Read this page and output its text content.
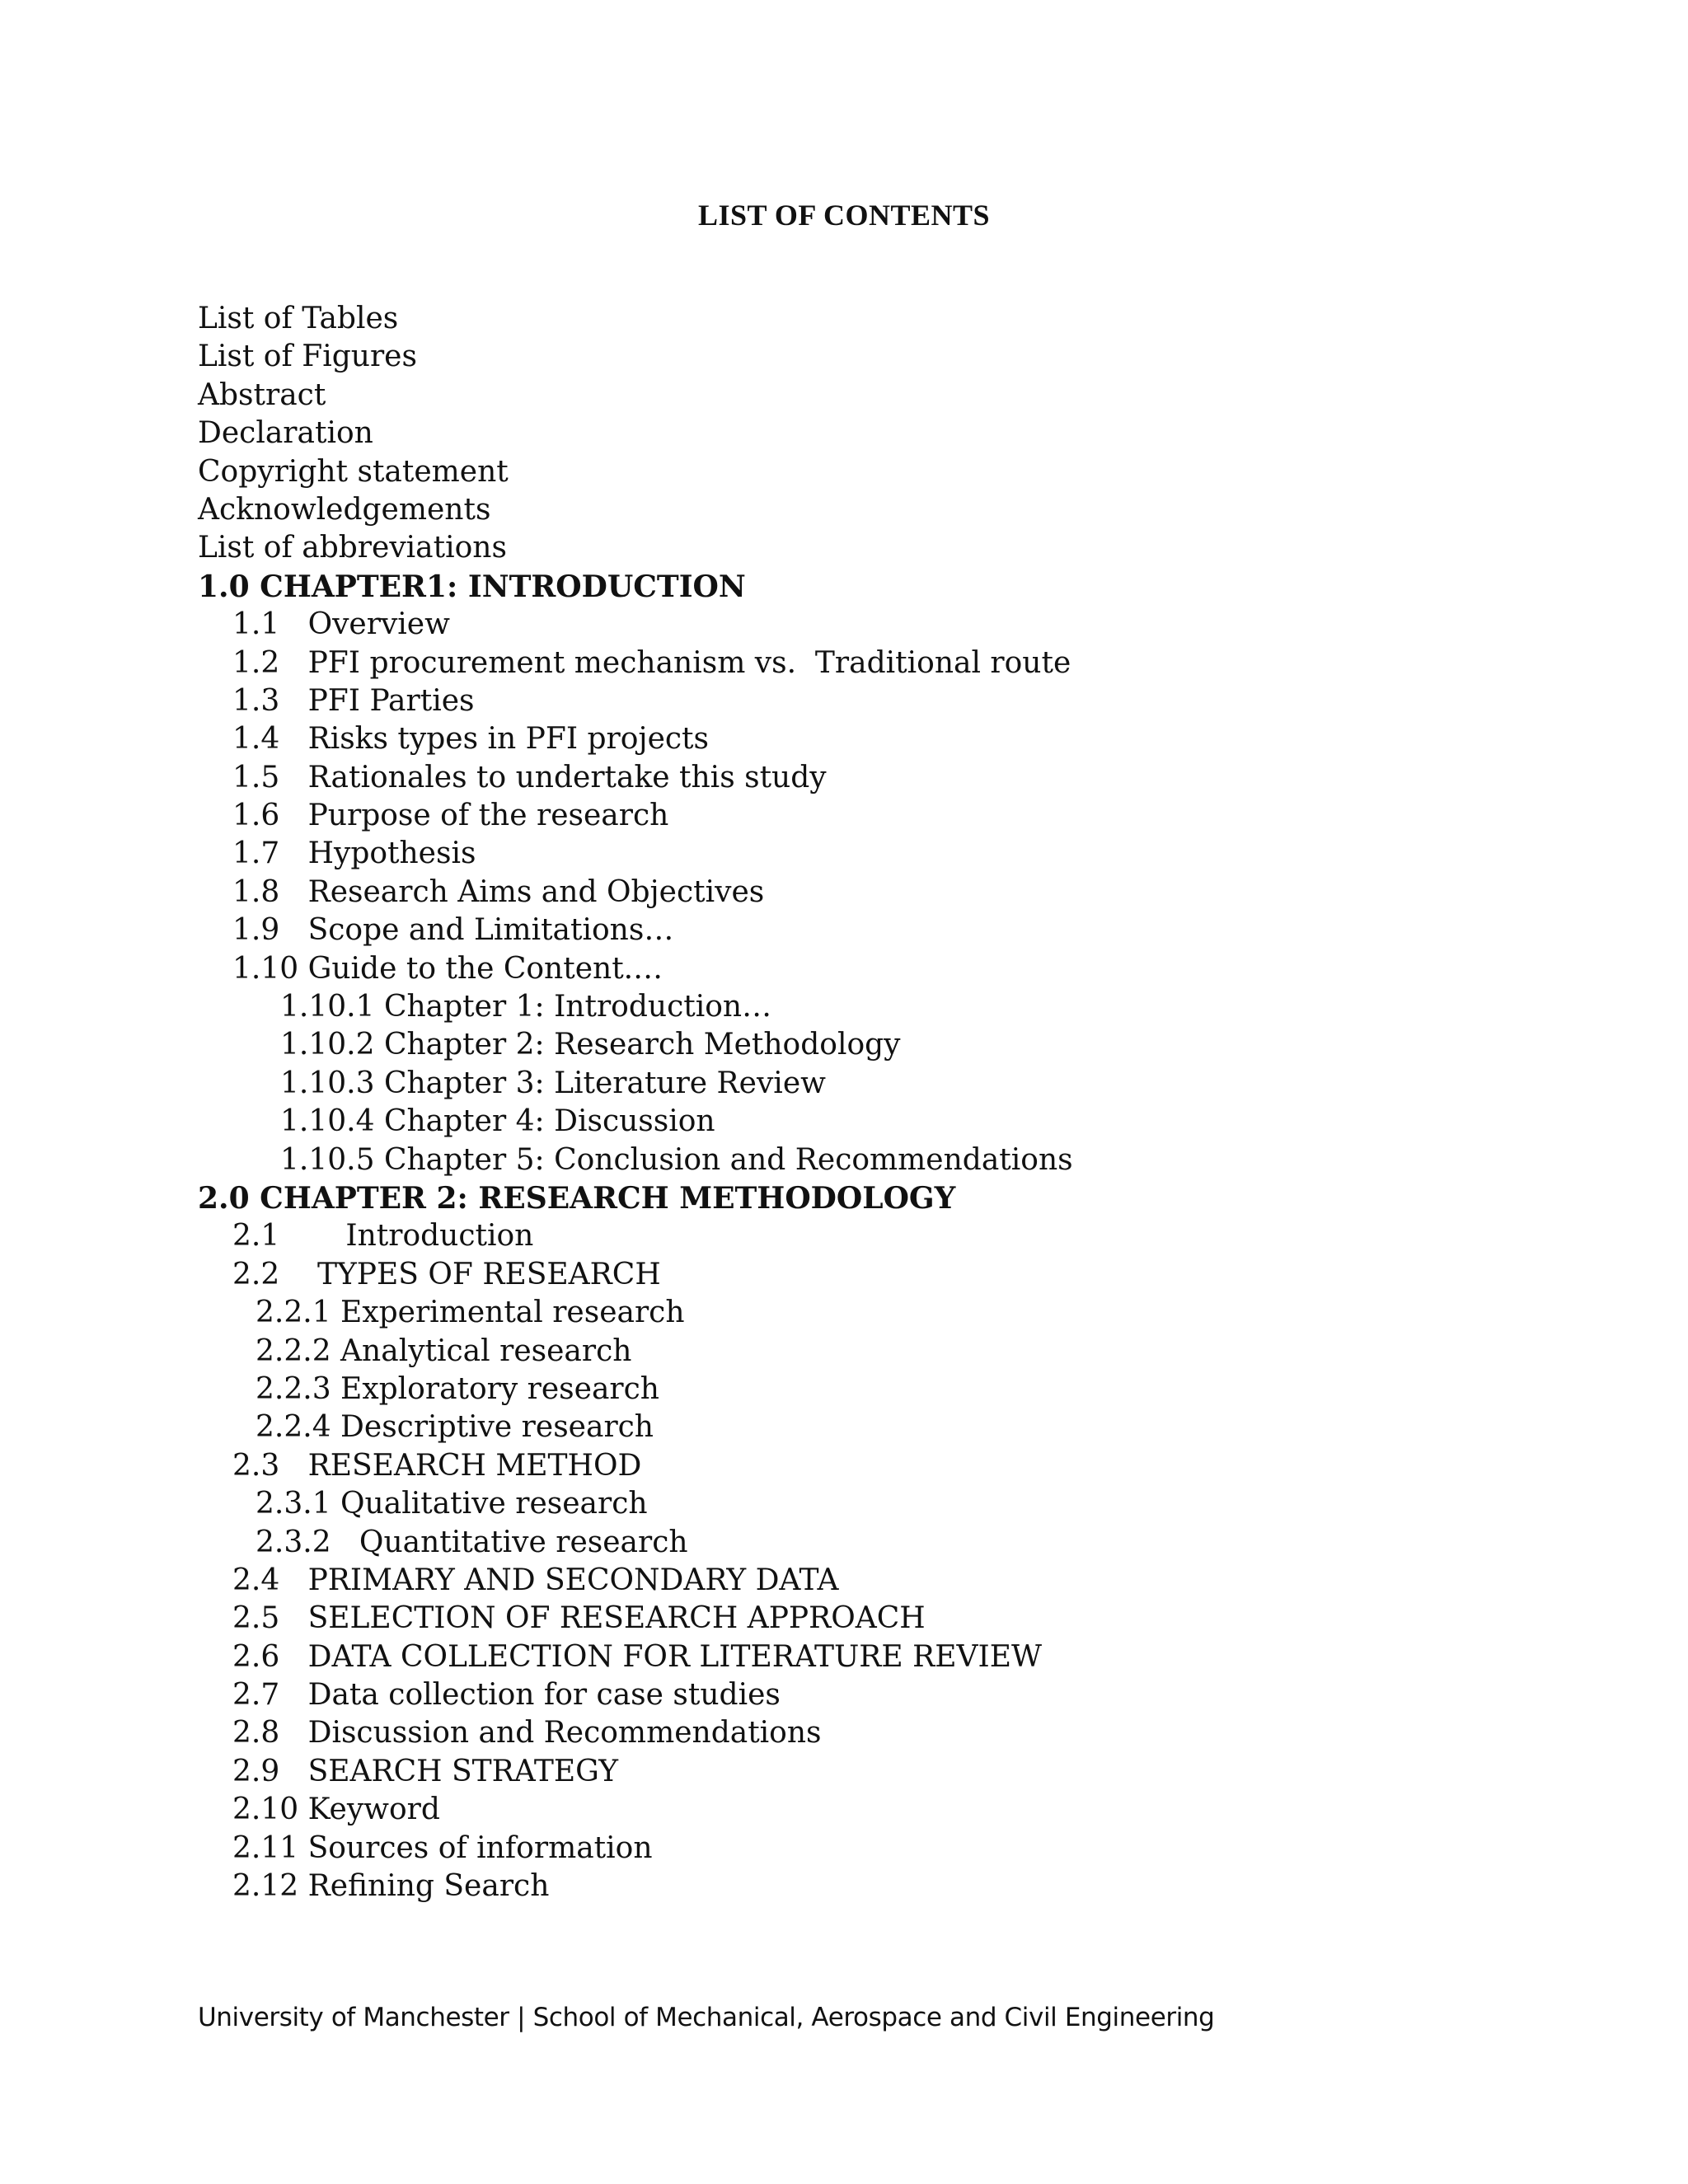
LIST OF CONTENTS
List of Tables
List of Figures
Abstract
Declaration
Copyright statement
Acknowledgements
List of abbreviations
1.0 CHAPTER1: INTRODUCTION
1.1   Overview
1.2   PFI procurement mechanism vs.  Traditional route
1.3   PFI Parties
1.4   Risks types in PFI projects
1.5   Rationales to undertake this study
1.6   Purpose of the research
1.7   Hypothesis
1.8   Research Aims and Objectives
1.9   Scope and Limitations…
1.10 Guide to the Content.…
1.10.1 Chapter 1: Introduction…
1.10.2 Chapter 2: Research Methodology
1.10.3 Chapter 3: Literature Review
1.10.4 Chapter 4: Discussion
1.10.5 Chapter 5: Conclusion and Recommendations
2.0 CHAPTER 2: RESEARCH METHODOLOGY
2.1       Introduction
2.2    TYPES OF RESEARCH
2.2.1 Experimental research
2.2.2 Analytical research
2.2.3 Exploratory research
2.2.4 Descriptive research
2.3   RESEARCH METHOD
2.3.1 Qualitative research
2.3.2   Quantitative research
2.4   PRIMARY AND SECONDARY DATA
2.5   SELECTION OF RESEARCH APPROACH
2.6   DATA COLLECTION FOR LITERATURE REVIEW
2.7   Data collection for case studies
2.8   Discussion and Recommendations
2.9   SEARCH STRATEGY
2.10 Keyword
2.11 Sources of information
2.12 Refining Search
University of Manchester | School of Mechanical, Aerospace and Civil Engineering
